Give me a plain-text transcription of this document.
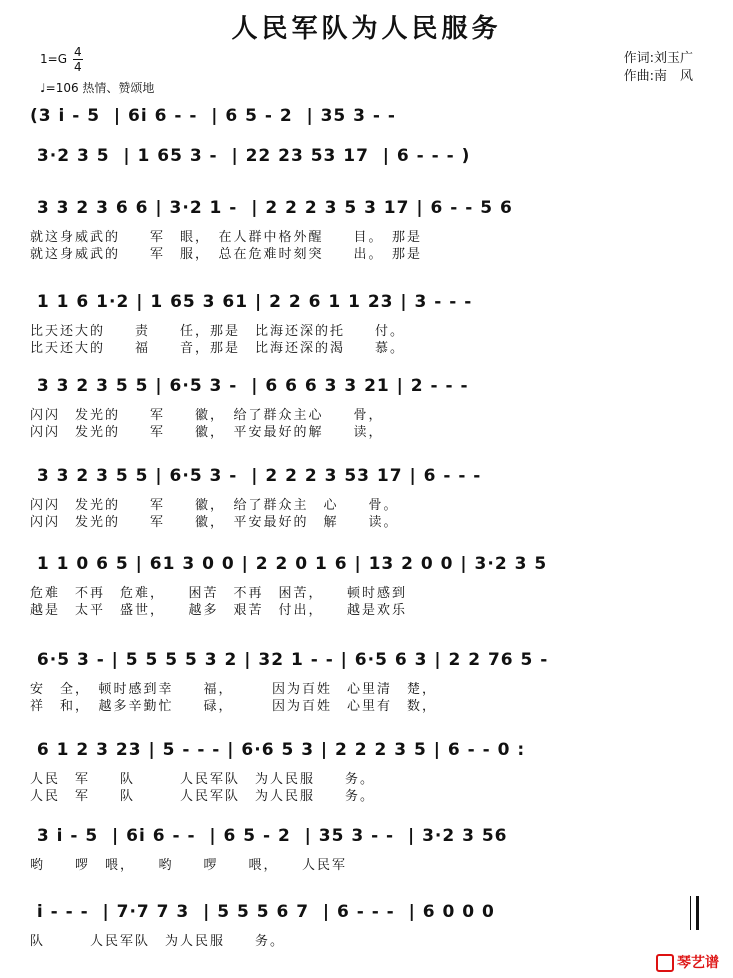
人民军队为人民服务
$1=G \frac{4}{4}$
♩=106 热情、赞颂地
作词:刘玉广
作曲:南　风
(3 i - 5  | 6i 6 - -  | 6 5 - 2  | 35 3 - -
3·2 3 5  | 1 65 3 -  | 22 23 53 17  | 6 - - - )
3 3 2 3 6 6 | 3·2 1 -  | 2 2 2 3 5 3 17 | 6 - - 5 6
就这身威武的　　军　眼，　在人群中格外醒　　目。　那是
就这身威武的　　军　服，　总在危难时刻突　　出。　那是
1 1 6 1·2 | 1 65 3 61 | 2 2 6 1 1 23 | 3 - - -
比天还大的　　责　　任，那是　比海还深的托　　付。
比天还大的　　福　　音，那是　比海还深的渴　　慕。
3 3 2 3 5 5 | 6·5 3 -  | 6 6 6 3 3 21 | 2 - - -
闪闪　发光的　　军　　徽，　给了群众主心　　骨，
闪闪　发光的　　军　　徽，　平安最好的解　　读，
3 3 2 3 5 5 | 6·5 3 -  | 2 2 2 3 53 17 | 6 - - -
闪闪　发光的　　军　　徽，　给了群众主　心　　骨。
闪闪　发光的　　军　　徽，　平安最好的　解　　读。
1 1 0 6 5 | 61 3 0 0 | 2 2 0 1 6 | 13 2 0 0 | 3·2 3 5
危难　不再　危难，　　困苦　不再　困苦，　　顿时感到
越是　太平　盛世，　　越多　艰苦　付出，　　越是欢乐
6·5 3 - | 5 5 5 5 3 2 | 32 1 - - | 6·5 6 3 | 2 2 76 5 -
安　全，　顿时感到幸　　福，　　　因为百姓　心里清　楚，
祥　和，　越多辛勤忙　　碌，　　　因为百姓　心里有　数，
6 1 2 3 23 | 5 - - - | 6·6 5 3 | 2 2 2 3 5 | 6 - - 0 :
人民　军　　队　　　人民军队　为人民服　　务。
人民　军　　队　　　人民军队　为人民服　　务。
3 i - 5  | 6i 6 - -  | 6 5 - 2  | 35 3 - -  | 3·2 3 56
哟　　啰　喂，　　哟　　啰　　喂，　　人民军
i - - -  | 7·7 7 3  | 5 5 5 6 7  | 6 - - -  | 6 0 0 0
队　　　人民军队　为人民服　　务。
琴艺谱
